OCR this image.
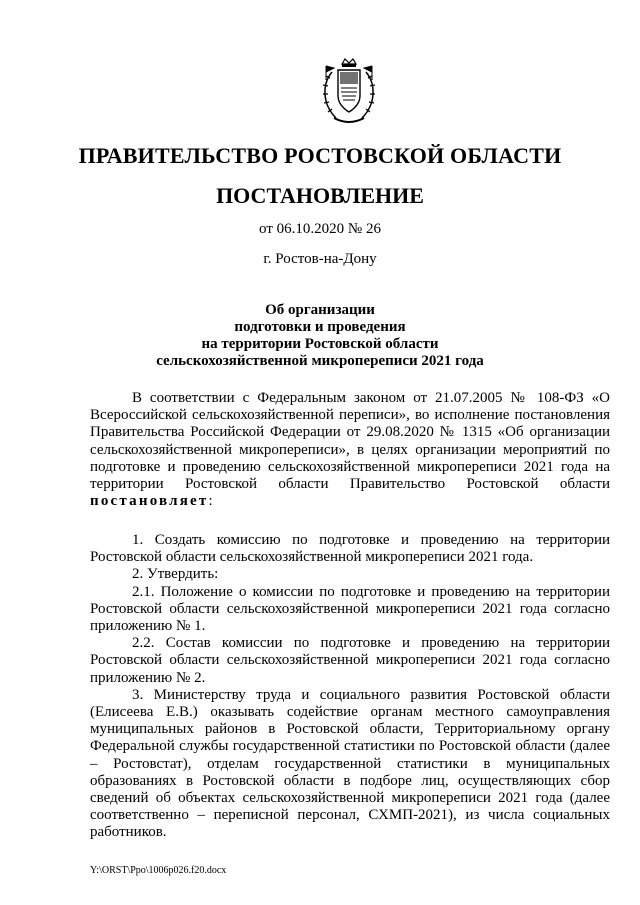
ПРАВИТЕЛЬСТВО РОСТОВСКОЙ ОБЛАСТИ
ПОСТАНОВЛЕНИЕ
от 06.10.2020 № 26
г. Ростов-на-Дону
Об организации
подготовки и проведения
на территории Ростовской области
сельскохозяйственной микропереписи 2021 года

В соответствии с Федеральным законом от 21.07.2005 № 108-ФЗ «О Всероссийской сельскохозяйственной переписи», во исполнение постановления Правительства Российской Федерации от 29.08.2020 № 1315 «Об организации сельскохозяйственной микропереписи», в целях организации мероприятий по подготовке и проведению сельскохозяйственной микропереписи 2021 года на территории Ростовской области Правительство Ростовской области постановляет:

1. Создать комиссию по подготовке и проведению на территории Ростовской области сельскохозяйственной микропереписи 2021 года.

2. Утвердить:

2.1. Положение о комиссии по подготовке и проведению на территории Ростовской области сельскохозяйственной микропереписи 2021 года согласно приложению № 1.

2.2. Состав комиссии по подготовке и проведению на территории Ростовской области сельскохозяйственной микропереписи 2021 года согласно приложению № 2.

3. Министерству труда и социального развития Ростовской области (Елисеева Е.В.) оказывать содействие органам местного самоуправления муниципальных районов в Ростовской области, Территориальному органу Федеральной службы государственной статистики по Ростовской области (далее – Ростовстат), отделам государственной статистики в муниципальных образованиях в Ростовской области в подборе лиц, осуществляющих сбор сведений об объектах сельскохозяйственной микропереписи 2021 года (далее соответственно – переписной персонал, СХМП-2021), из числа социальных работников.

Y:\ORST\Ppo\1006p026.f20.docx
